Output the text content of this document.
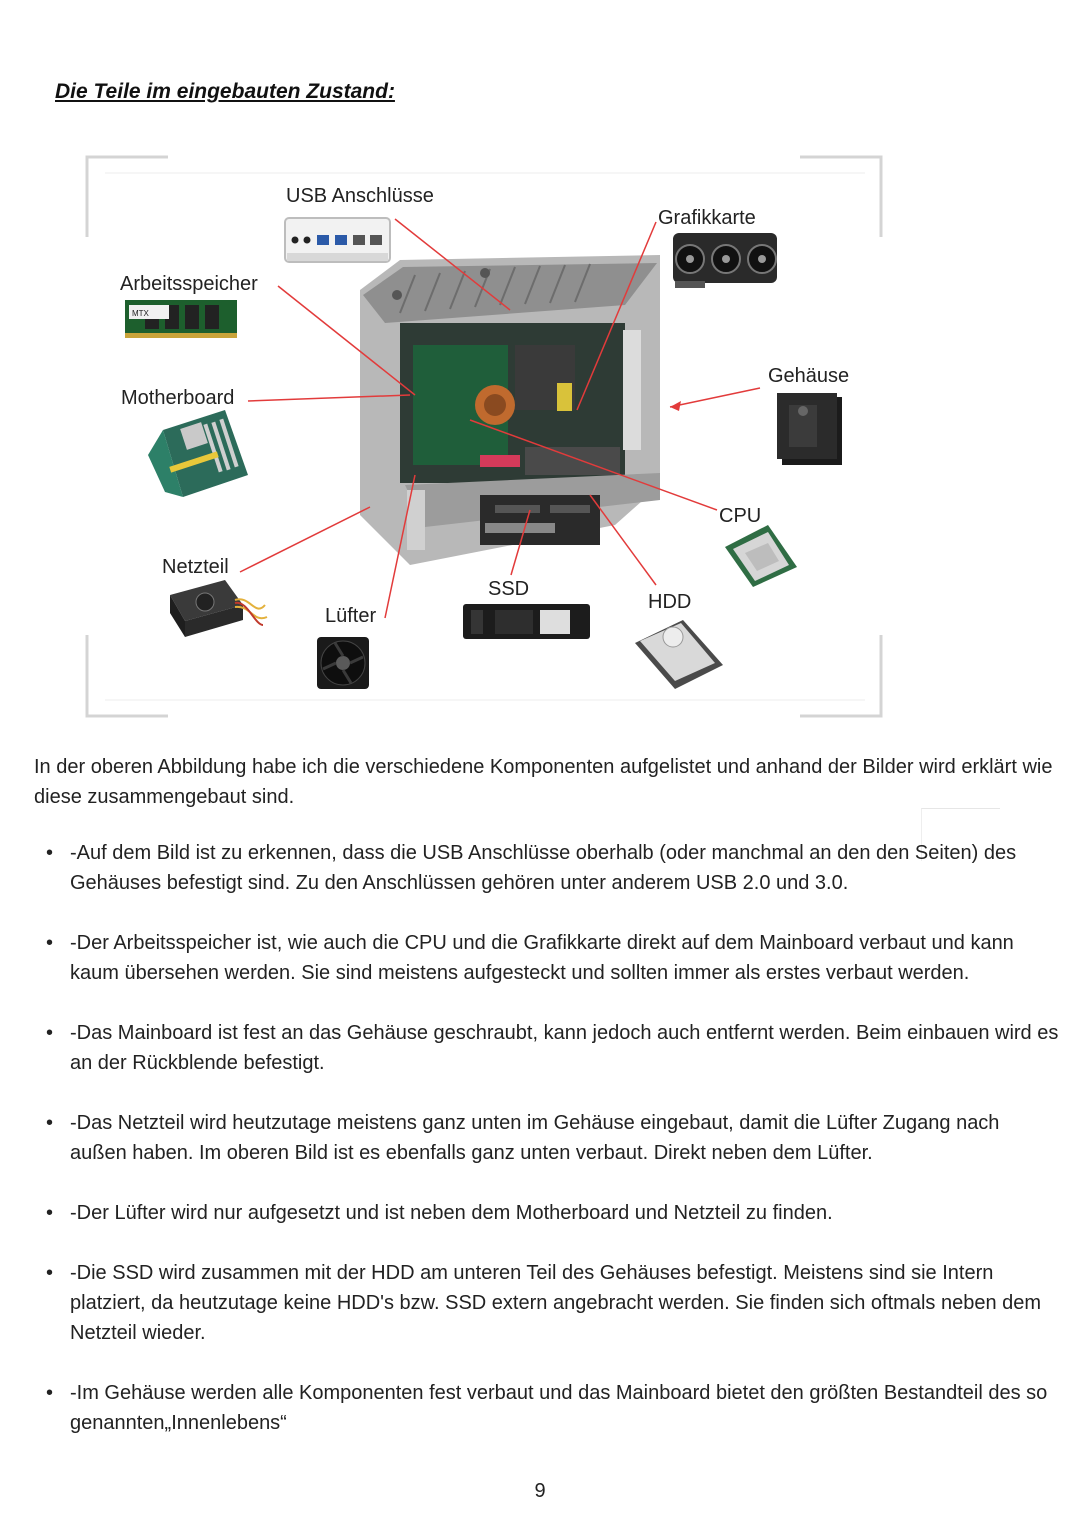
Die Teile im eingebauten Zustand:
MTX
USB Anschlüsse
Grafikkarte
Arbeitsspeicher
Gehäuse
Motherboard
CPU
Netzteil
SSD
HDD
Lüfter

In der oberen Abbildung habe ich die verschiedene Komponenten aufgelistet und anhand der Bilder wird erklärt wie diese zusammengebaut sind.

• -Auf dem Bild ist zu erkennen, dass die USB Anschlüsse oberhalb (oder manchmal an den den Seiten) des Gehäuses befestigt sind. Zu den Anschlüssen gehören unter anderem USB 2.0 und 3.0.
• -Der Arbeitsspeicher ist, wie auch die CPU und die Grafikkarte direkt auf dem Mainboard verbaut und kann kaum übersehen werden. Sie sind meistens aufgesteckt und sollten immer als erstes verbaut werden.
• -Das Mainboard ist fest an das Gehäuse geschraubt, kann jedoch auch entfernt werden. Beim einbauen wird es an der Rückblende befestigt.
• -Das Netzteil wird heutzutage meistens ganz unten im Gehäuse eingebaut, damit die Lüfter Zugang nach außen haben. Im oberen Bild ist es ebenfalls ganz unten verbaut. Direkt neben dem Lüfter.
• -Der Lüfter wird nur aufgesetzt und ist neben dem Motherboard und Netzteil zu finden.
• -Die SSD wird zusammen mit der HDD am unteren Teil des Gehäuses befestigt. Meistens sind sie Intern platziert, da heutzutage keine HDD's bzw. SSD extern angebracht werden. Sie finden sich oftmals neben dem Netzteil wieder.
• -Im Gehäuse werden alle Komponenten fest verbaut und das Mainboard bietet den größten Bestandteil des so genannten„Innenlebens“
9
